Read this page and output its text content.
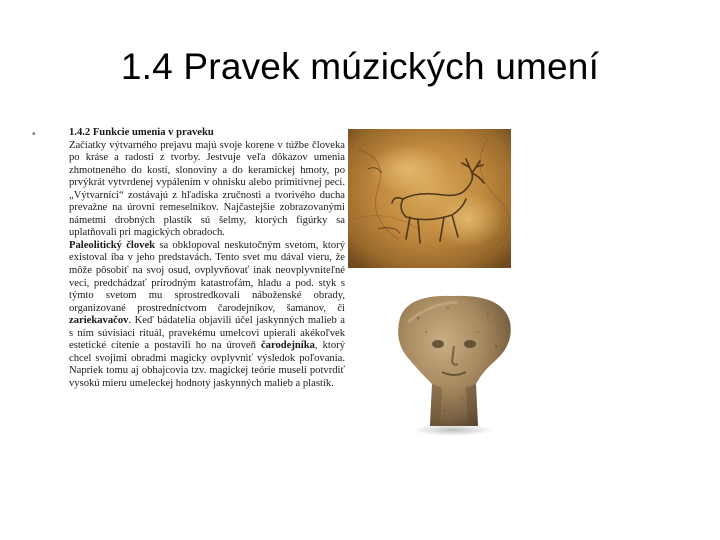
1.4 Pravek múzických umení
•	1.4.2 Funkcie umenia v praveku
Začiatky výtvarného prejavu majú svoje korene v túžbe človeka po kráse a radosti z tvorby. Jestvuje veľa dôkazov umenia zhmotneného do kostí, slonoviny a do keramickej hmoty, po prvýkrát vytvrdenej vypálením v ohnisku alebo primitívnej peci. „Výtvarníci“ zostávajú z hľadiska zručnosti a tvorivého ducha prevažne na úrovni remeselníkov. Najčastejšie zobrazovanými námetmi drobných plastík sú šelmy, ktorých figúrky sa uplatňovali pri magických obradoch.
Paleolitický človek sa obklopoval neskutočným svetom, ktorý existoval iba v jeho predstavách. Tento svet mu dával vieru, že môže pôsobiť na svoj osud, ovplyvňovať inak neovplyvniteľné veci, predchádzať prírodným katastrofám, hladu a pod. styk s týmto svetom mu sprostredkovali náboženské obrady, organizované prostredníctvom čarodejníkov, šamanov, či zariekavačov. Keď bádatelia objavili účel jaskynných malieb a s ním súvisiaci rituál, pravekému umelcovi upierali akékoľvek estetické cítenie a postavili ho na úroveň čarodejníka, ktorý chcel svojimi obradmi magicky ovplyvniť výsledok poľovania. Napriek tomu aj obhajcovia tzv. magickej teórie museli potvrdiť vysokú mieru umeleckej hodnoty jaskynných malieb a plastík.
